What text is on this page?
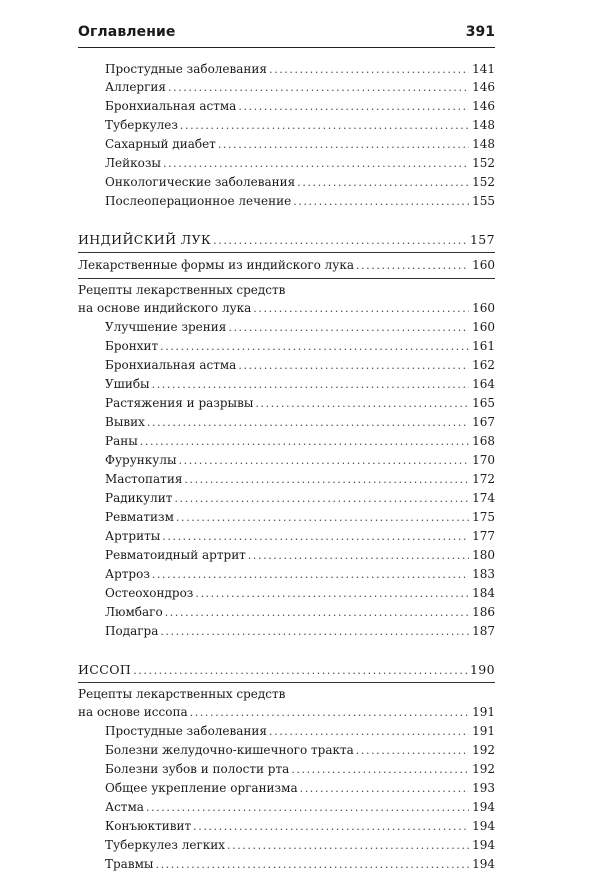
Оглавление	391
Простудные заболевания .....	141
Аллергия .....	146
Бронхиальная астма .....	146
Туберкулез .....	148
Сахарный диабет .....	148
Лейкозы .....	152
Онкологические заболевания .....	152
Послеоперационное лечение .....	155
ИНДИЙСКИЙ ЛУК .....	157
Лекарственные формы из индийского лука .....	160
Рецепты лекарственных средств
на основе индийского лука .....	160
Улучшение зрения .....	160
Бронхит .....	161
Бронхиальная астма .....	162
Ушибы .....	164
Растяжения и разрывы .....	165
Вывих .....	167
Раны .....	168
Фурункулы .....	170
Мастопатия .....	172
Радикулит .....	174
Ревматизм .....	175
Артриты .....	177
Ревматоидный артрит .....	180
Артроз .....	183
Остеохондроз .....	184
Люмбаго .....	186
Подагра .....	187
ИССОП .....	190
Рецепты лекарственных средств
на основе иссопа .....	191
Простудные заболевания .....	191
Болезни желудочно-кишечного тракта .....	192
Болезни зубов и полости рта .....	192
Общее укрепление организма .....	193
Астма .....	194
Конъюктивит .....	194
Туберкулез легких .....	194
Травмы .....	194
